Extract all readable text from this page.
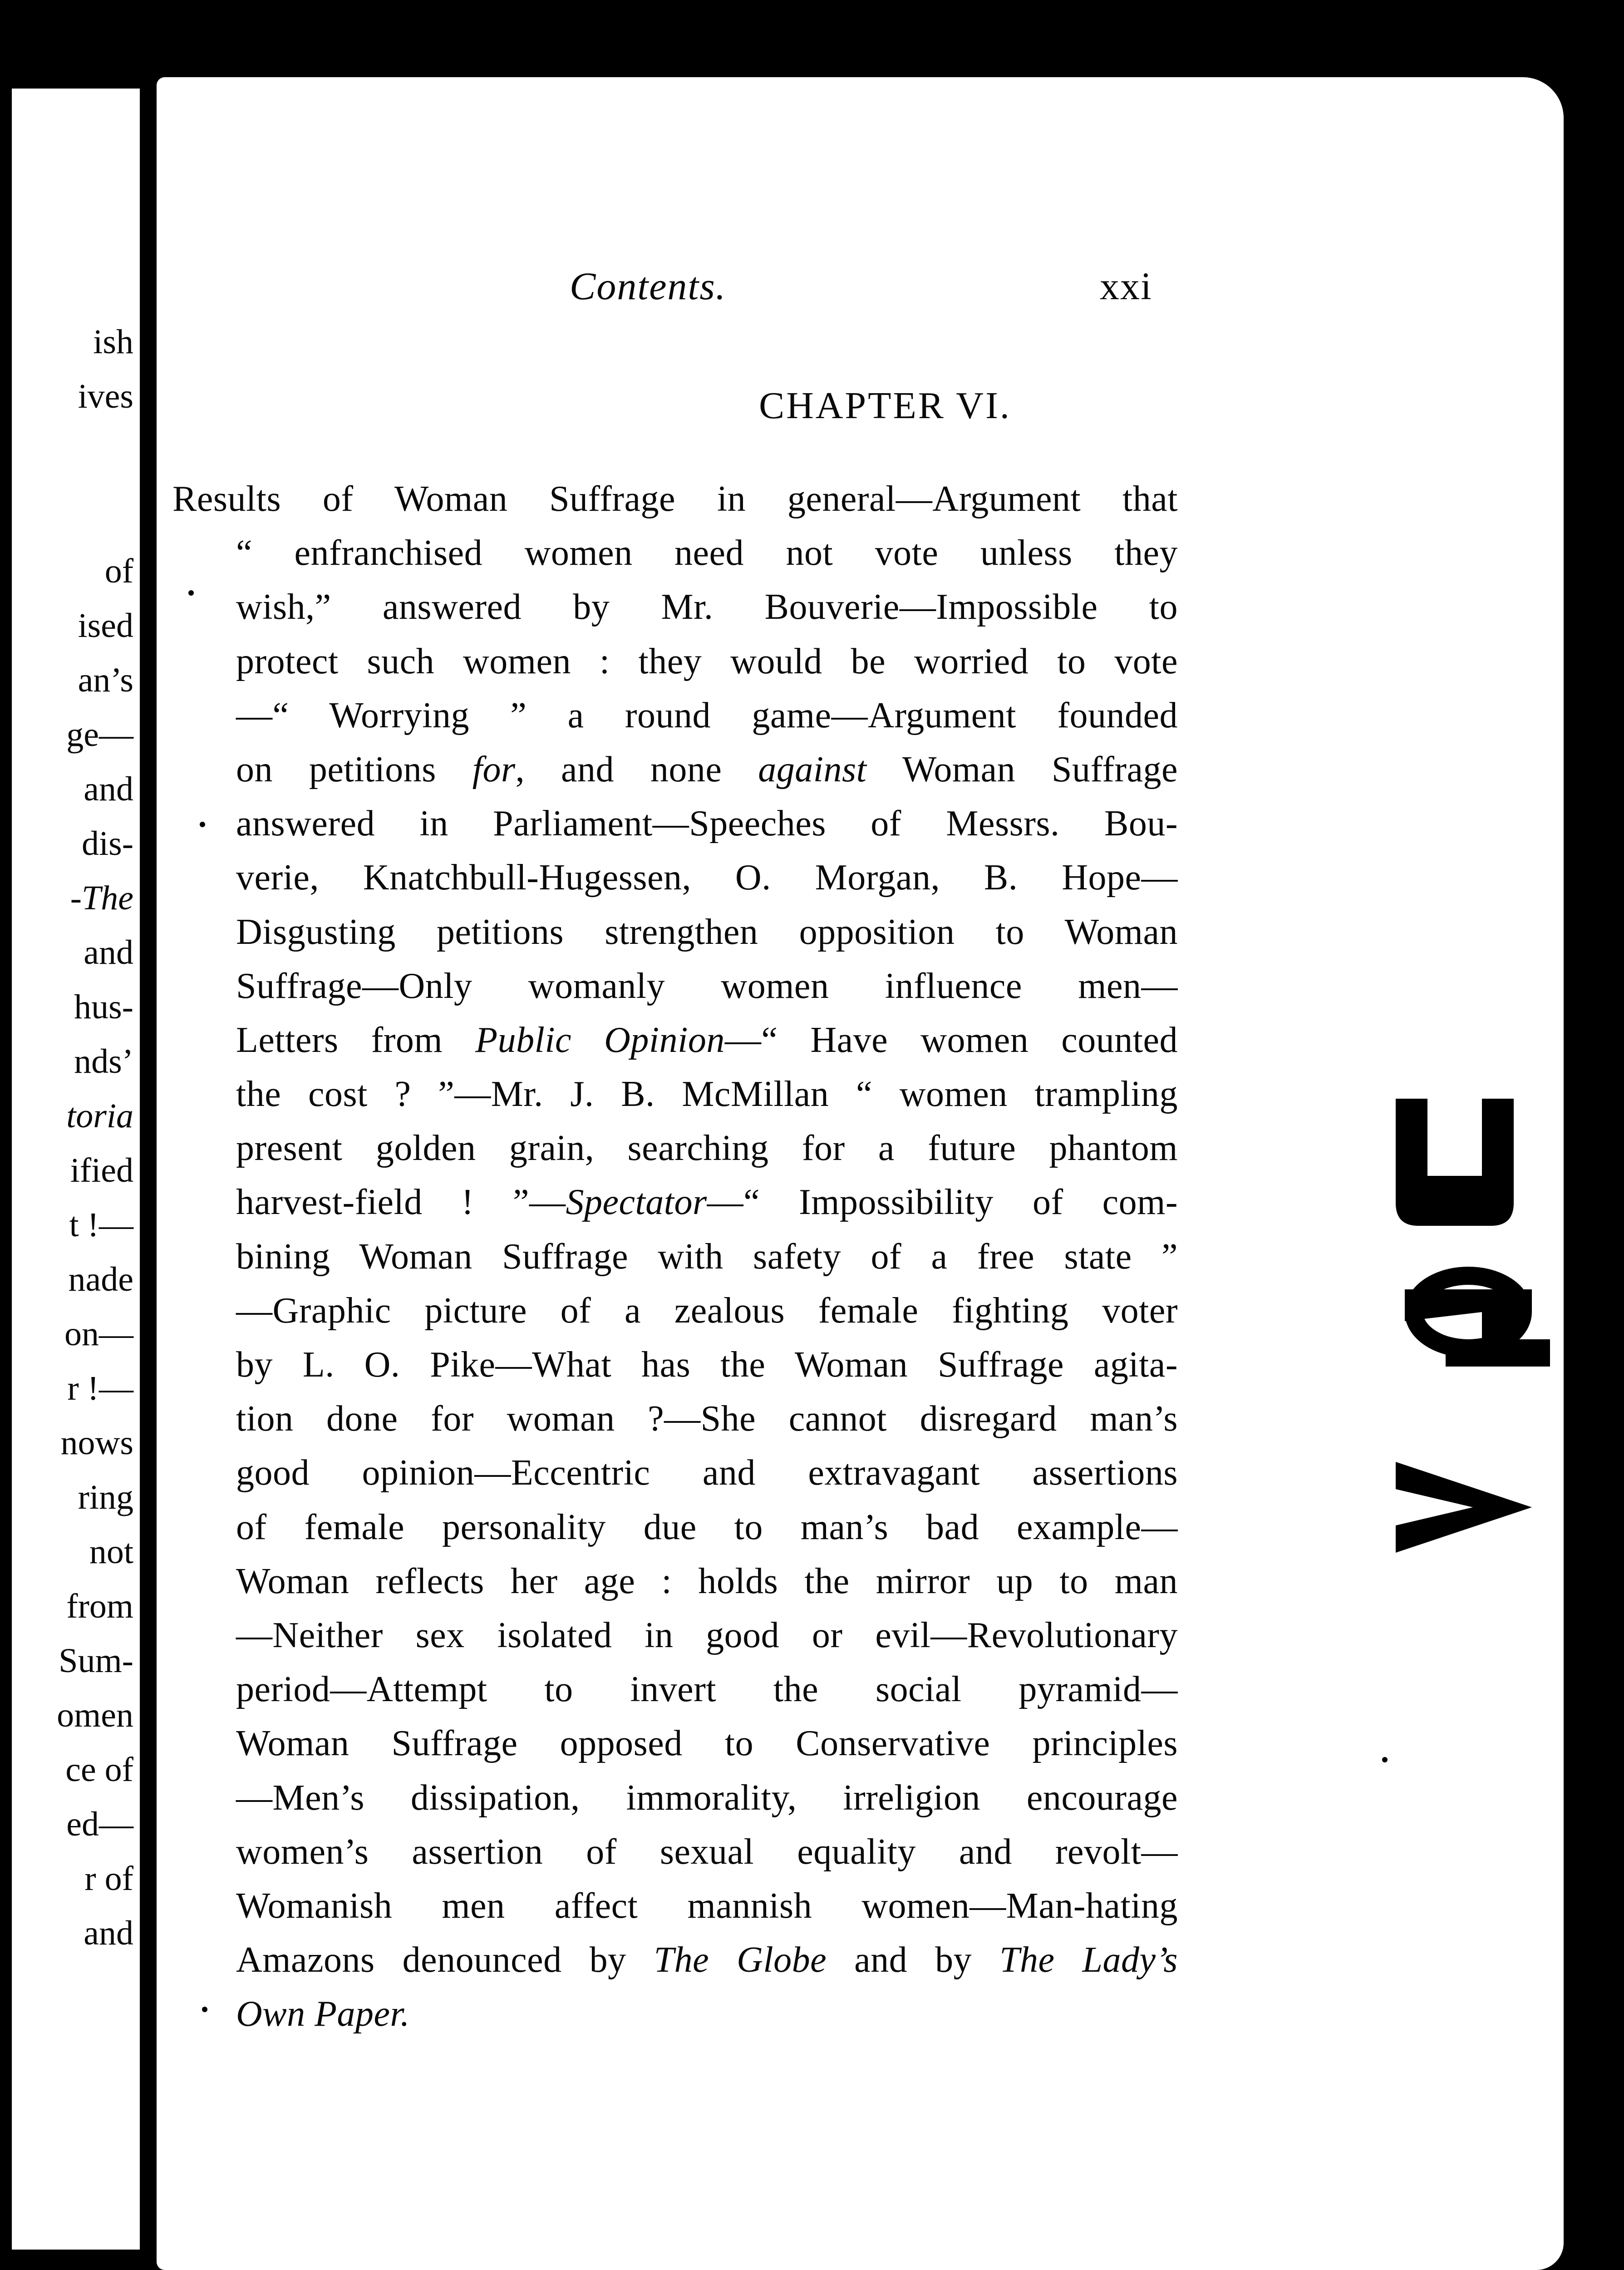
ish
ives
of
ised
an’s
ge—
and
dis-
-The
and
hus-
nds’
toria
ified
t !—
nade
on—
r !—
nows
ring
not
from
Sum-
omen
ce of
ed—
r of
and
Contents.	xxi
CHAPTER VI.
Results of Woman Suffrage in general—Argument that
“ enfranchised women need not vote unless they
wish,” answered by Mr. Bouverie—Impossible to
protect such women : they would be worried to vote
—“ Worrying ” a round game—Argument founded
on petitions for, and none against Woman Suffrage
answered in Parliament—Speeches of Messrs. Bou-
verie, Knatchbull-Hugessen, O. Morgan, B. Hope—
Disgusting petitions strengthen opposition to Woman
Suffrage—Only womanly women influence men—
Letters from Public Opinion—“ Have women counted
the cost ? ”—Mr. J. B. McMillan “ women trampling
present golden grain, searching for a future phantom
harvest-field ! ”—Spectator—“ Impossibility of com-
bining Woman Suffrage with safety of a free state ”
—Graphic picture of a zealous female fighting voter
by L. O. Pike—What has the Woman Suffrage agita-
tion done for woman ?—She cannot disregard man’s
good opinion—Eccentric and extravagant assertions
of female personality due to man’s bad example—
Woman reflects her age : holds the mirror up to man
—Neither sex isolated in good or evil—Revolutionary
period—Attempt to invert the social pyramid—
Woman Suffrage opposed to Conservative principles
—Men’s dissipation, immorality, irreligion encourage
women’s assertion of sexual equality and revolt—
Womanish men affect mannish women—Man-hating
Amazons denounced by The Globe and by The Lady’s
Own Paper.
